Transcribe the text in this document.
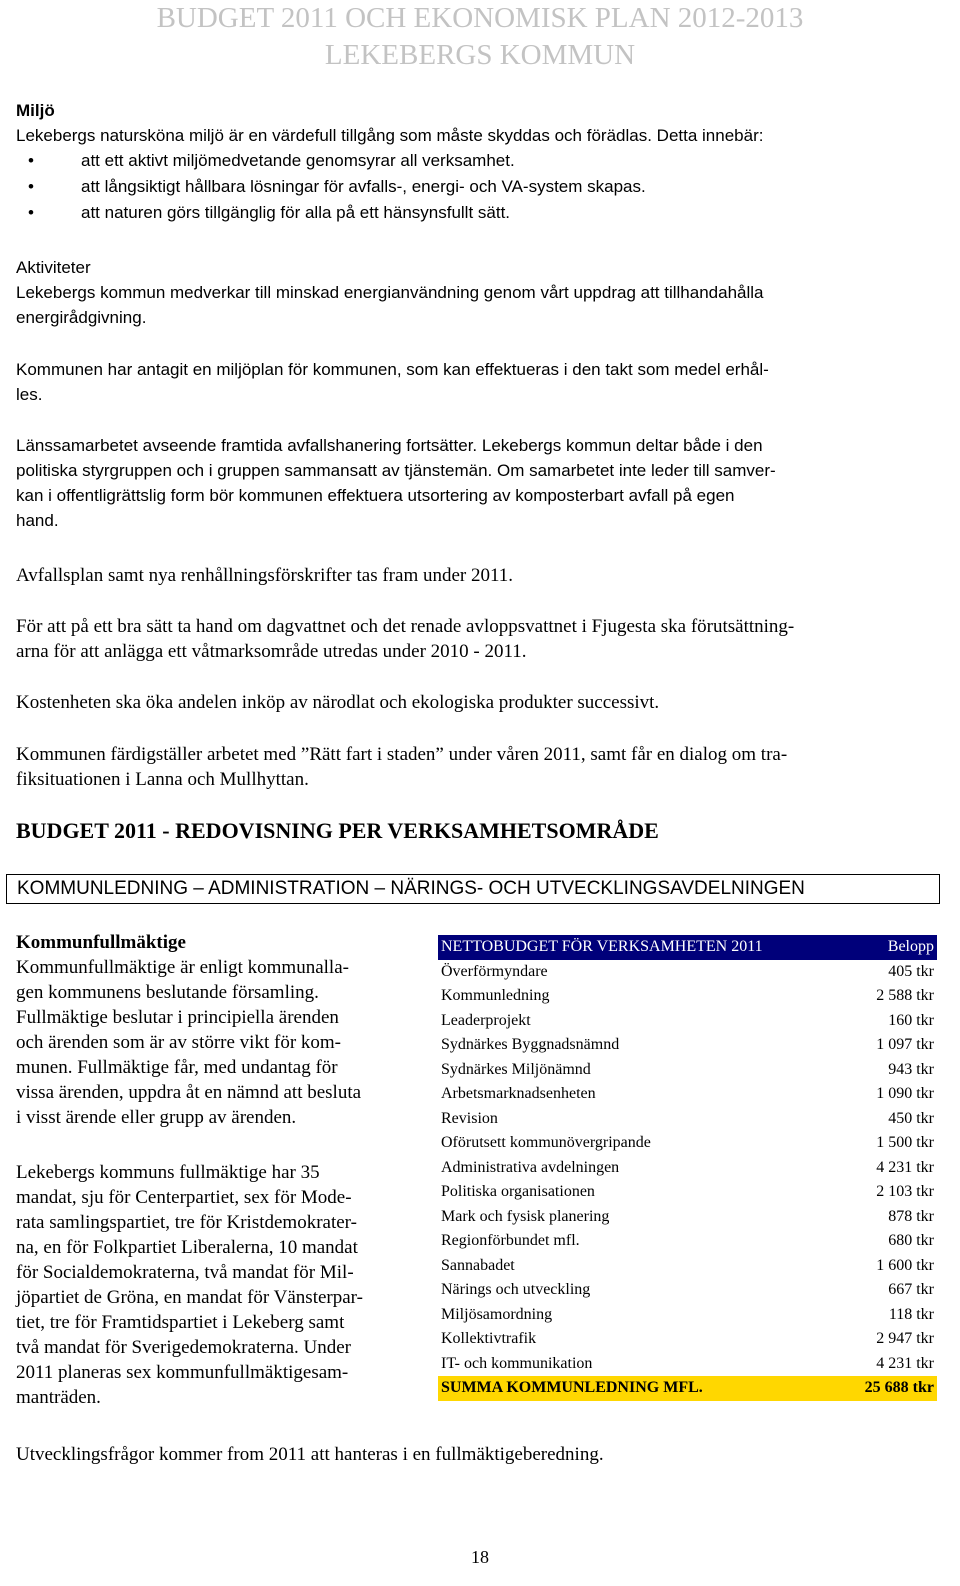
BUDGET 2011 OCH EKONOMISK PLAN 2012-2013
LEKEBERGS KOMMUN
Miljö
Lekebergs natursköna miljö är en värdefull tillgång som måste skyddas och förädlas. Detta innebär:
•	att ett aktivt miljömedvetande genomsyrar all verksamhet.
•	att långsiktigt hållbara lösningar för avfalls-, energi- och VA-system skapas.
•	att naturen görs tillgänglig för alla på ett hänsynsfullt sätt.
Aktiviteter
Lekebergs kommun medverkar till minskad energianvändning genom vårt uppdrag att tillhandahålla
energirådgivning.
Kommunen har antagit en miljöplan för kommunen, som kan effektueras i den takt som medel erhål-
les.
Länssamarbetet avseende framtida avfallshanering fortsätter. Lekebergs kommun deltar både i den
politiska styrgruppen och i gruppen sammansatt av tjänstemän. Om samarbetet inte leder till samver-
kan i offentligrättslig form bör kommunen effektuera utsortering av komposterbart avfall på egen
hand.
Avfallsplan samt nya renhållningsförskrifter tas fram under 2011.
För att på ett bra sätt ta hand om dagvattnet och det renade avloppsvattnet i Fjugesta ska förutsättning-
arna för att anlägga ett våtmarksområde utredas under 2010 - 2011.
Kostenheten ska öka andelen inköp av närodlat och ekologiska produkter successivt.
Kommunen färdigställer arbetet med ”Rätt fart i staden” under våren 2011, samt får en dialog om tra-
fiksituationen i Lanna och Mullhyttan.
BUDGET 2011 - REDOVISNING PER VERKSAMHETSOMRÅDE
KOMMUNLEDNING – ADMINISTRATION – NÄRINGS- OCH UTVECKLINGSAVDELNINGEN
Kommunfullmäktige
Kommunfullmäktige är enligt kommunalla-
gen kommunens beslutande församling.
Fullmäktige beslutar i principiella ärenden
och ärenden som är av större vikt för kom-
munen. Fullmäktige får, med undantag för
vissa ärenden, uppdra åt en nämnd att besluta
i visst ärende eller grupp av ärenden.
Lekebergs kommuns fullmäktige har 35
mandat, sju för Centerpartiet, sex för Mode-
rata samlingspartiet, tre för Kristdemokrater-
na, en för Folkpartiet Liberalerna, 10 mandat
för Socialdemokraterna, två mandat för Mil-
jöpartiet de Gröna, en mandat för Vänsterpar-
tiet, tre för Framtidspartiet i Lekeberg samt
två mandat för Sverigedemokraterna. Under
2011 planeras sex kommunfullmäktigesam-
manträden.
NETTOBUDGET FÖR VERKSAMHETEN 2011	Belopp
Överförmyndare	405 tkr
Kommunledning	2 588 tkr
Leaderprojekt	160 tkr
Sydnärkes Byggnadsnämnd	1 097 tkr
Sydnärkes Miljönämnd	943 tkr
Arbetsmarknadsenheten	1 090 tkr
Revision	450 tkr
Oförutsett kommunövergripande	1 500 tkr
Administrativa avdelningen	4 231 tkr
Politiska organisationen	2 103 tkr
Mark och fysisk planering	878 tkr
Regionförbundet mfl.	680 tkr
Sannabadet	1 600 tkr
Närings och utveckling	667 tkr
Miljösamordning	118 tkr
Kollektivtrafik	2 947 tkr
IT- och kommunikation	4 231 tkr
SUMMA KOMMUNLEDNING MFL.	25 688 tkr
Utvecklingsfrågor kommer from 2011 att hanteras i en fullmäktigeberedning.
18
